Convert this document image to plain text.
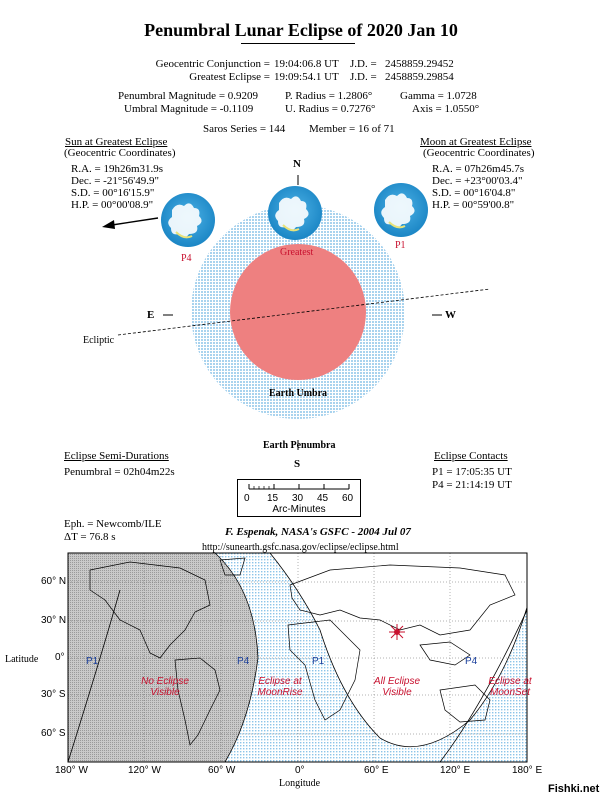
Penumbral Lunar Eclipse of 2020 Jan 10
Geocentric Conjunction = 19:04:06.8 UT J.D. = 2458859.29452
Greatest Eclipse = 19:09:54.1 UT J.D. = 2458859.29854
Penumbral Magnitude = 0.9209 P. Radius = 1.2806°	Gamma = 1.0728
Umbral Magnitude = -0.1109	U. Radius = 0.7276°	Axis = 1.0550°
Saros Series = 144 Member = 16 of 71
Sun at Greatest Eclipse
(Geocentric Coordinates)
R.A. = 19h26m31.9s
Dec. = -21°56'49.9"
S.D. = 00°16'15.9"
H.P. = 00°00'08.9"
Moon at Greatest Eclipse
(Geocentric Coordinates)
R.A. = 07h26m45.7s
Dec. = +23°00'03.4"
S.D. = 00°16'04.8"
H.P. = 00°59'00.8"
N
S
E	W
P4
Greatest
P1
Ecliptic
Earth Umbra
Earth Penumbra
Eclipse Semi-Durations
Penumbral = 02h04m22s
Eclipse Contacts
P1 = 17:05:35 UT
P4 = 21:14:19 UT
0 15 30 45 60
Arc-Minutes
Eph. = Newcomb/ILE
ΔT = 76.8 s	F. Espenak, NASA's GSFC - 2004 Jul 07
http://sunearth.gsfc.nasa.gov/eclipse/eclipse.html
60° N
30° N
0°
30° S
60° S
Latitude
180° W	120° W	60° W	0°	60° E	120° E	180° E
Longitude
No Eclipse
Visible
Eclipse at
MoonRise
All Eclipse
Visible
Eclipse at
MoonSet
P1	P4	P1	P4
Fishki.net
